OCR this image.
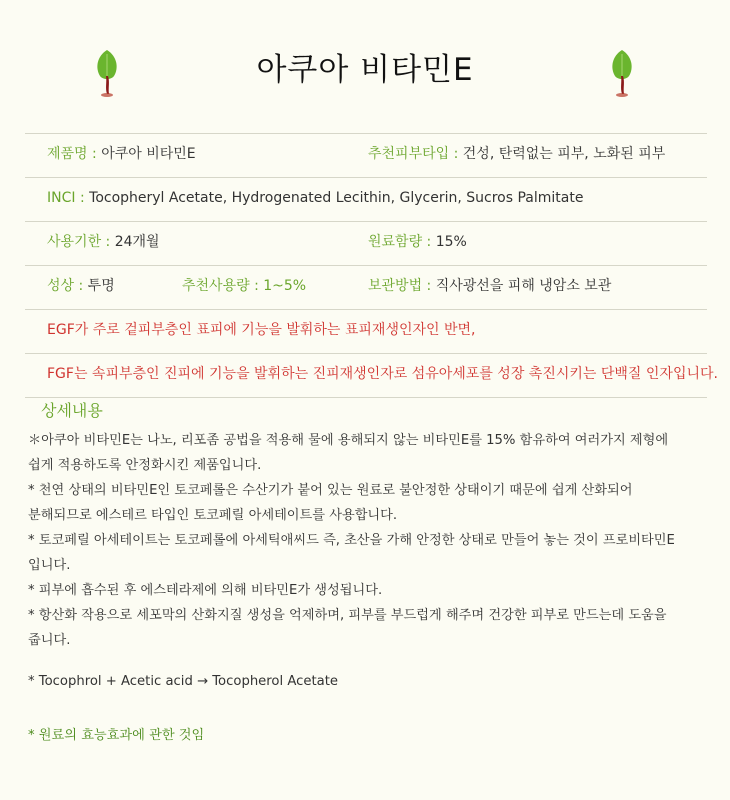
아쿠아 비타민E
제품명 : 아쿠아 비타민E	추천피부타입 : 건성, 탄력없는 피부, 노화된 피부
INCI : Tocopheryl Acetate, Hydrogenated Lecithin, Glycerin, Sucros Palmitate
사용기한 : 24개월	원료함량 : 15%
성상 : 투명	추천사용량 : 1~5%	보관방법 : 직사광선을 피해 냉암소 보관
EGF가 주로 겉피부층인 표피에 기능을 발휘하는 표피재생인자인 반면,
FGF는 속피부층인 진피에 기능을 발휘하는 진피재생인자로 섬유아세포를 성장 촉진시키는 단백질 인자입니다.
상세내용

＊아쿠아 비타민E는 나노, 리포좀 공법을 적용해 물에 용해되지 않는 비타민E를 15% 함유하여 여러가지 제형에

쉽게 적용하도록 안정화시킨 제품입니다.

* 천연 상태의 비타민E인 토코페롤은 수산기가 붙어 있는 원료로 불안정한 상태이기 때문에 쉽게 산화되어

분해되므로 에스테르 타입인 토코페릴 아세테이트를 사용합니다.

* 토코페릴 아세테이트는 토코페롤에 아세틱애씨드 즉, 초산을 가해 안정한 상태로 만들어 놓는 것이 프로비타민E

입니다.

* 피부에 흡수된 후 에스테라제에 의해 비타민E가 생성됩니다.

* 항산화 작용으로 세포막의 산화지질 생성을 억제하며, 피부를 부드럽게 해주며 건강한 피부로 만드는데 도움을

줍니다.

* Tocophrol + Acetic acid → Tocopherol Acetate
* 원료의 효능효과에 관한 것임
